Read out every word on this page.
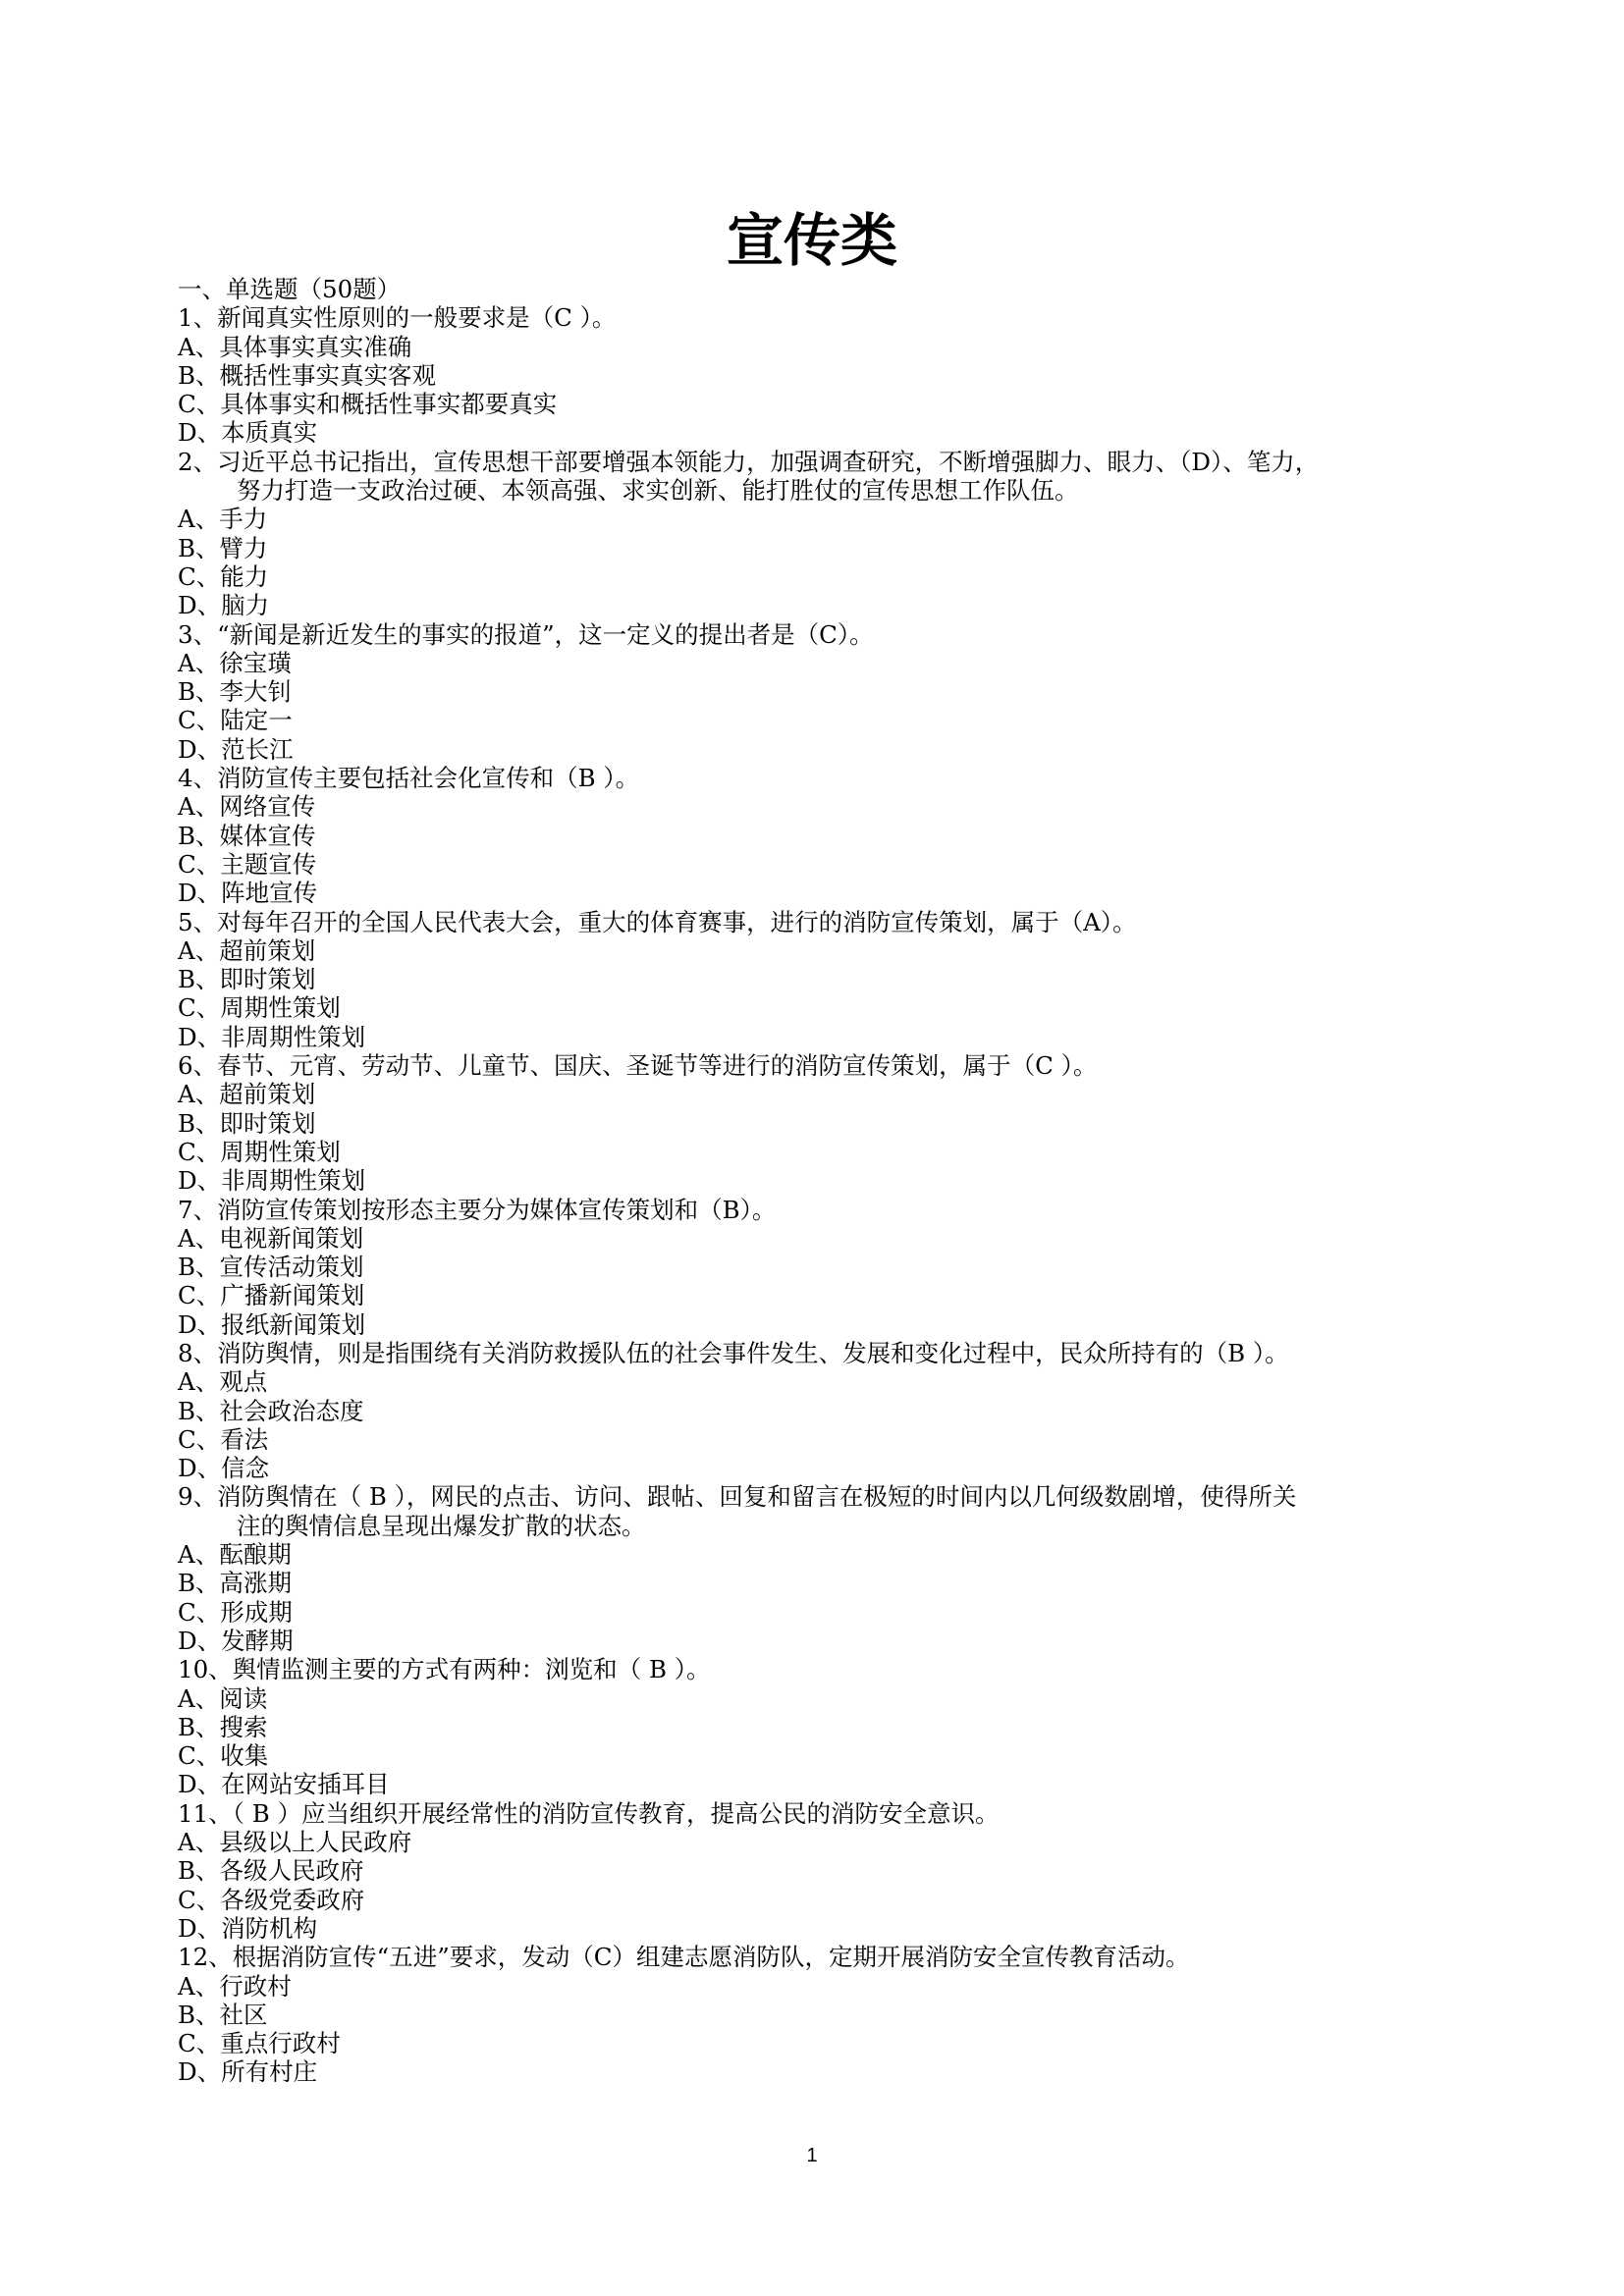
宣传类
一、单选题（50题）
1、新闻真实性原则的一般要求是（C ）。
A、具体事实真实准确
B、概括性事实真实客观
C、具体事实和概括性事实都要真实
D、本质真实
2、习近平总书记指出，宣传思想干部要增强本领能力，加强调查研究，不断增强脚力、眼力、（D）、笔力，
努力打造一支政治过硬、本领高强、求实创新、能打胜仗的宣传思想工作队伍。
A、手力
B、臂力
C、能力
D、脑力
3、“新闻是新近发生的事实的报道”，这一定义的提出者是（C）。
A、徐宝璜
B、李大钊
C、陆定一
D、范长江
4、消防宣传主要包括社会化宣传和（B ）。
A、网络宣传
B、媒体宣传
C、主题宣传
D、阵地宣传
5、对每年召开的全国人民代表大会，重大的体育赛事，进行的消防宣传策划，属于（A）。
A、超前策划
B、即时策划
C、周期性策划
D、非周期性策划
6、春节、元宵、劳动节、儿童节、国庆、圣诞节等进行的消防宣传策划，属于（C ）。
A、超前策划
B、即时策划
C、周期性策划
D、非周期性策划
7、消防宣传策划按形态主要分为媒体宣传策划和（B）。
A、电视新闻策划
B、宣传活动策划
C、广播新闻策划
D、报纸新闻策划
8、消防舆情，则是指围绕有关消防救援队伍的社会事件发生、发展和变化过程中，民众所持有的（B ）。
A、观点
B、社会政治态度
C、看法
D、信念
9、消防舆情在（ B ），网民的点击、访问、跟帖、回复和留言在极短的时间内以几何级数剧增，使得所关
注的舆情信息呈现出爆发扩散的状态。
A、酝酿期
B、高涨期
C、形成期
D、发酵期
10、舆情监测主要的方式有两种：浏览和（ B ）。
A、阅读
B、搜索
C、收集
D、在网站安插耳目
11、（ B ）应当组织开展经常性的消防宣传教育，提高公民的消防安全意识。
A、县级以上人民政府
B、各级人民政府
C、各级党委政府
D、消防机构
12、根据消防宣传“五进”要求，发动（C）组建志愿消防队，定期开展消防安全宣传教育活动。
A、行政村
B、社区
C、重点行政村
D、所有村庄
1
